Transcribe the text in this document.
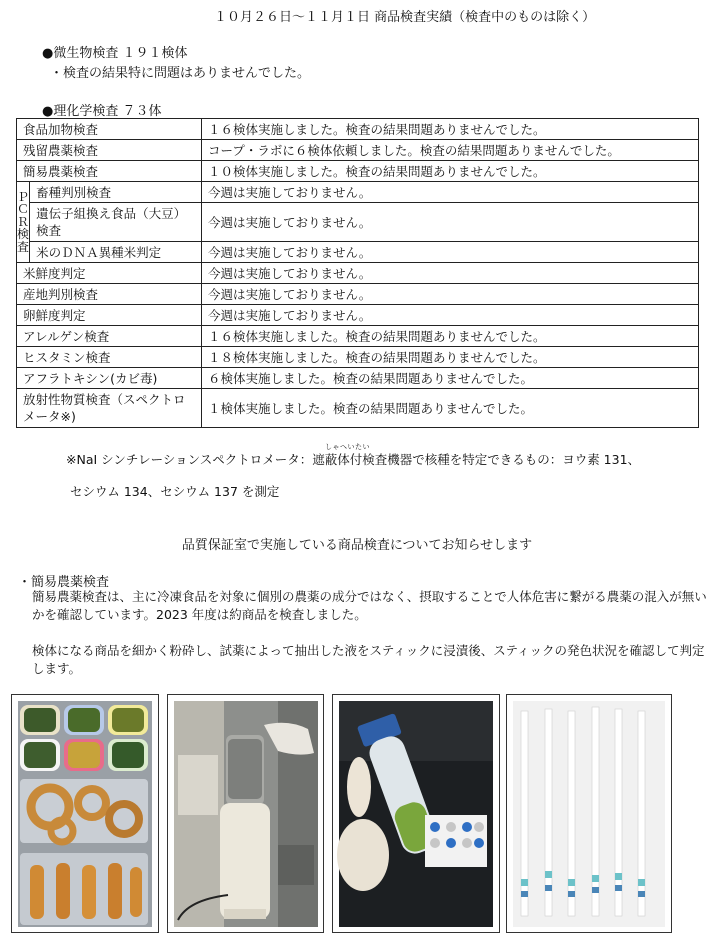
１０月２６日～１１月１日 商品検査実績（検査中のものは除く）
●微生物検査 １９１検体
・検査の結果特に問題はありませんでした。
●理化学検査 ７３体
食品加物検査		１６検体実施しました。検査の結果問題ありませんでした。
残留農薬検査		コープ・ラボに６検体依頼しました。検査の結果問題ありませんでした。
簡易農薬検査		１０検体実施しました。検査の結果問題ありませんでした。

Ｐ
Ｃ
Ｒ
検
査	畜種判別検査	今週は実施しておりません。
	遺伝子組換え食品（大豆）検査	今週は実施しておりません。
	米のＤＮＡ異種米判定	今週は実施しておりません。
米鮮度判定		今週は実施しておりません。
産地判別検査		今週は実施しておりません。
卵鮮度判定		今週は実施しておりません。
アレルゲン検査		１６検体実施しました。検査の結果問題ありませんでした。
ヒスタミン検査		１８検体実施しました。検査の結果問題ありませんでした。
アフラトキシン(カビ毒)		６検体実施しました。検査の結果問題ありませんでした。
放射性物質検査（スペクトロメータ※)		１検体実施しました。検査の結果問題ありませんでした。
しゃへいたい
※NaI シンチレーションスペクトロメータ：遮蔽体付検査機器で核種を特定できるもの：ヨウ素 131、
セシウム 134、セシウム 137 を測定
品質保証室で実施している商品検査についてお知らせします
・簡易農薬検査
簡易農薬検査は、主に冷凍食品を対象に個別の農薬の成分ではなく、摂取することで人体危害に繋がる農薬の混入が無いかを確認しています。2023 年度は約商品を検査しました。
検体になる商品を細かく粉砕し、試薬によって抽出した液をスティックに浸漬後、スティックの発色状況を確認して判定します。
